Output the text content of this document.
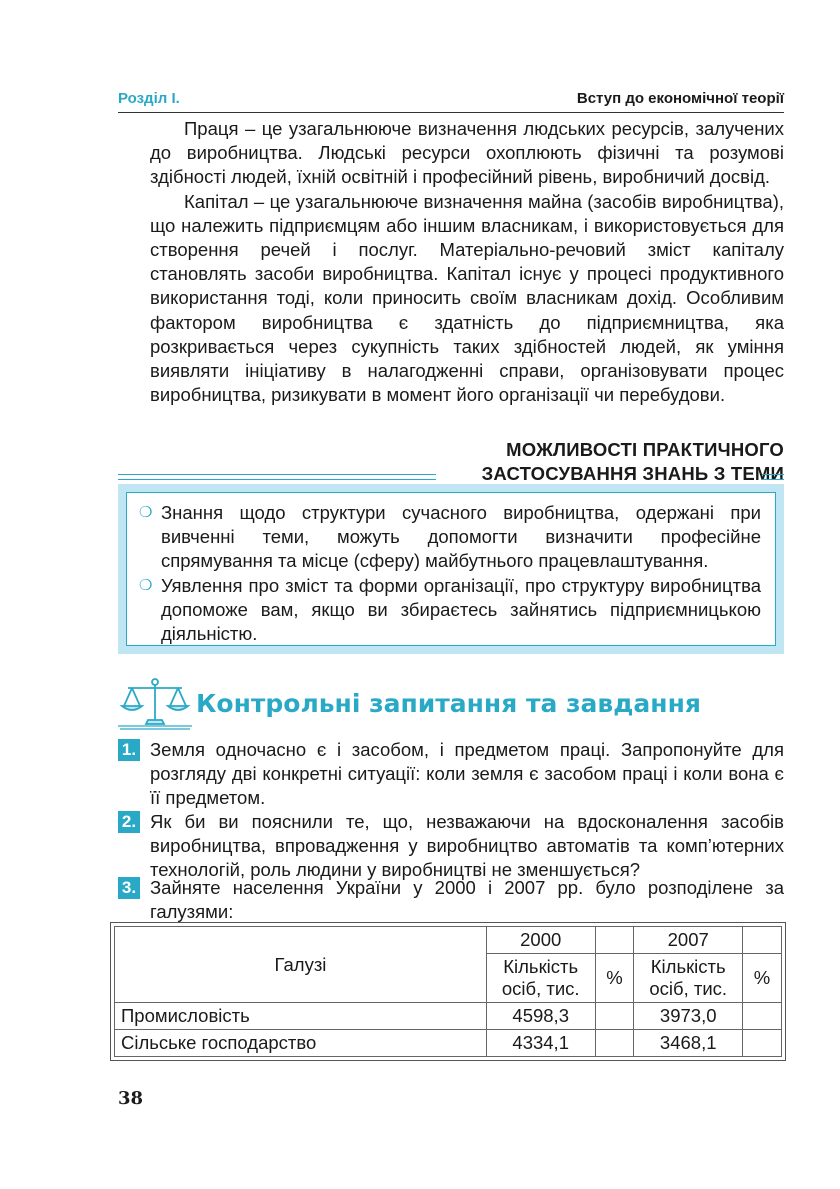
Розділ І.	Вступ до економічної теорії

Праця – це узагальнююче визначення людських ресурсів, залучених до виробництва. Людські ресурси охоплюють фізичні та розумові здібності людей, їхній освітній і професійний рівень, виробничий досвід.

Капітал – це узагальнююче визначення майна (засобів виробництва), що належить підприємцям або іншим власникам, і використовується для створення речей і послуг. Матеріально-речовий зміст капіталу становлять засоби виробництва. Капітал існує у процесі продуктивного використання тоді, коли приносить своїм власникам дохід. Особливим фактором виробництва є здатність до підприємництва, яка розкривається через сукупність таких здібностей людей, як уміння виявляти ініціативу в налагодженні справи, організовувати процес виробництва, ризикувати в момент його організації чи перебудови.

МОЖЛИВОСТІ ПРАКТИЧНОГО
ЗАСТОСУВАННЯ ЗНАНЬ З ТЕМИ
❍ Знання щодо структури сучасного виробництва, одержані при вивченні теми, можуть допомогти визначити професійне спрямування та місце (сферу) майбутнього працевлаштування.
❍ Уявлення про зміст та форми організації, про структуру виробництва допоможе вам, якщо ви збираєтесь зайнятись підприємницькою діяльністю.
Контрольні запитання та завдання
1. Земля одночасно є і засобом, і предметом праці. Запропонуйте для розгляду дві конкретні ситуації: коли земля є засобом праці і коли вона є її предметом.
2. Як би ви пояснили те, що, незважаючи на вдосконалення засобів виробництва, впровадження у виробництво автоматів та комп’ютерних технологій, роль людини у виробництві не зменшується?
3. Зайняте населення України у 2000 і 2007 рр. було розподілене за галузями:
Галузі	2000		2007	
	Кількість осіб, тис.	%	Кількість осіб, тис.	%
Промисловість	4598,3		3973,0	
Сільське господарство	4334,1		3468,1	
38
